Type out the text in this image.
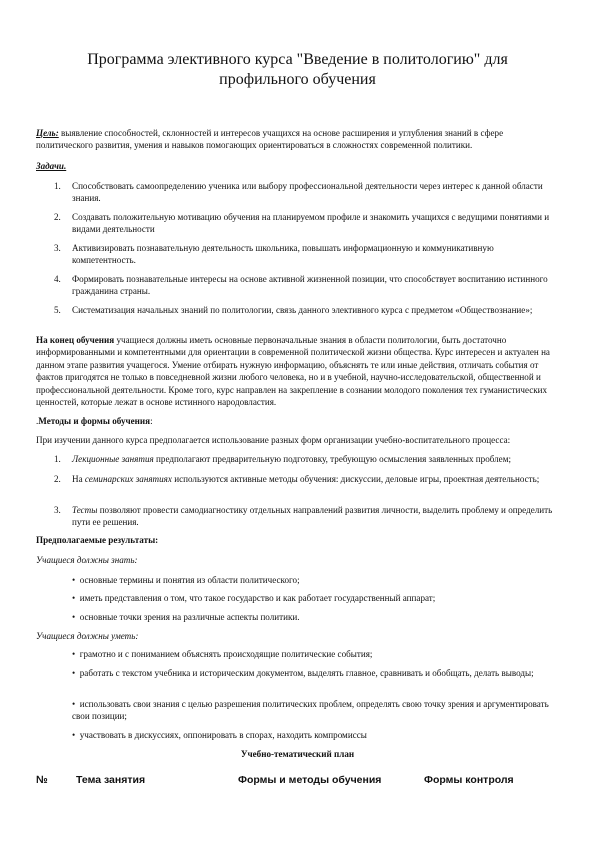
Программа элективного курса "Введение в политологию" для
профильного обучения
Цель: выявление способностей, склонностей и интересов учащихся на основе расширения и углубления знаний в сфере политического развития, умения и навыков помогающих ориентироваться в сложностях современной политики.
Задачи.
1. Способствовать самоопределению ученика или выбору профессиональной деятельности через интерес к данной области знания.
2. Создавать положительную мотивацию обучения на планируемом профиле и знакомить учащихся с ведущими понятиями и видами деятельности
3. Активизировать познавательную деятельность школьника, повышать информационную и коммуникативную компетентность.
4. Формировать познавательные интересы на основе активной жизненной позиции, что способствует воспитанию истинного гражданина страны.
5. Систематизация начальных знаний по политологии, связь данного элективного курса с предметом «Обществознание»;
На конец обучения учащиеся должны иметь основные первоначальные знания в области политологии, быть достаточно информированными и компетентными для ориентации в современной политической жизни общества. Курс интересен и актуален на данном этапе развития учащегося. Умение отбирать нужную информацию, объяснять те или иные действия, отличать события от фактов пригодятся не только в повседневной жизни любого человека, но и в учебной, научно-исследовательской, общественной и профессиональной деятельности. Кроме того, курс направлен на закрепление в сознании молодого поколения тех гуманистических ценностей, которые лежат в основе истинного народовластия.
.Методы и формы обучения:
При изучении данного курса предполагается использование разных форм организации учебно-воспитательного процесса:
1. Лекционные занятия предполагают предварительную подготовку, требующую осмысления заявленных проблем;
2. На семинарских занятиях используются активные методы обучения: дискуссии, деловые игры, проектная деятельность;
3. Тесты позволяют провести самодиагностику отдельных направлений развития личности, выделить проблему и определить пути ее решения.
Предполагаемые результаты:
Учащиеся должны знать:
•  основные термины и понятия из области политического;
•  иметь представления о том, что такое государство и как работает государственный аппарат;
•  основные точки зрения на различные аспекты политики.
Учащиеся должны уметь:
•  грамотно и с пониманием объяснять происходящие политические события;
•  работать с текстом учебника и историческим документом, выделять главное, сравнивать и обобщать, делать выводы;
•  использовать свои знания с целью разрешения политических проблем, определять свою точку зрения и аргументировать свои позиции;
•  участвовать в дискуссиях, оппонировать в спорах, находить компромиссы
Учебно-тематический план
№	Тема занятия	Формы и методы обучения	Формы контроля
